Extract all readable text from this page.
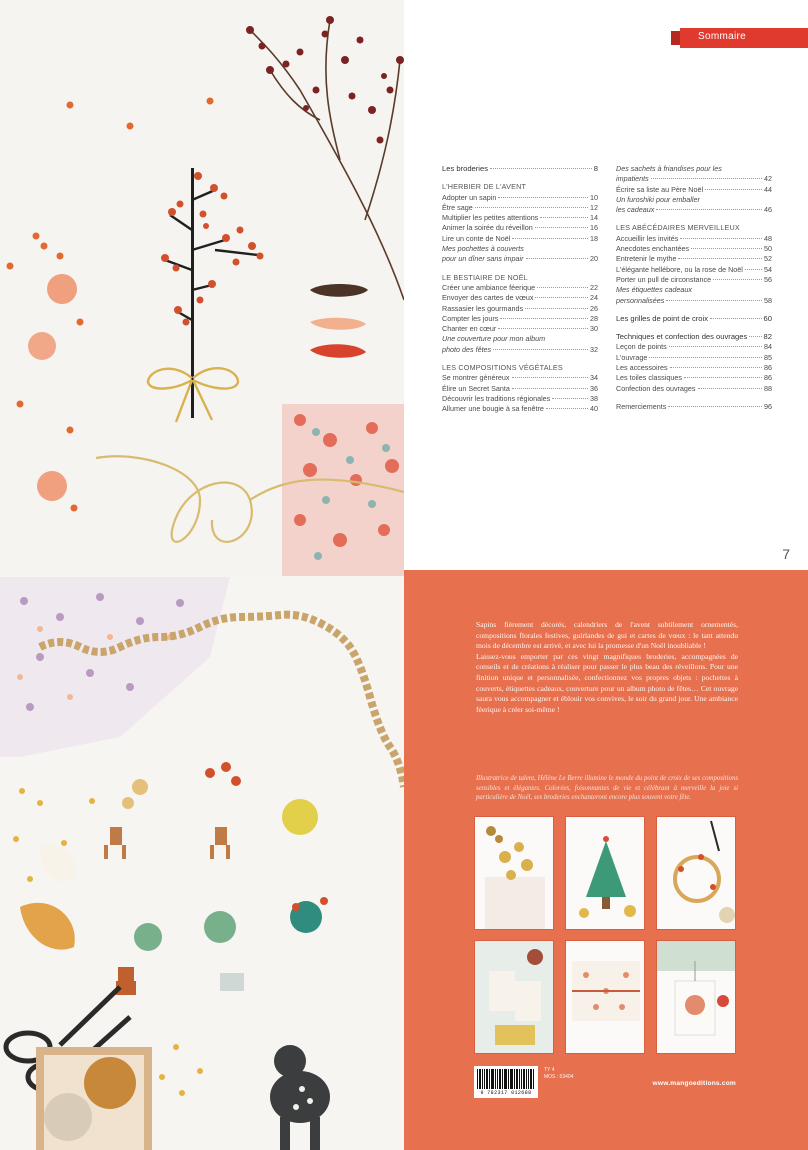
Sommaire
Les broderies	8
L'HERBIER DE L'AVENT
Adopter un sapin	10
Être sage	12
Multiplier les petites attentions	14
Animer la soirée du réveillon	16
Lire un conte de Noël	18
Mes pochettes à couverts
pour un dîner sans impair	20
LE BESTIAIRE DE NOËL
Créer une ambiance féerique	22
Envoyer des cartes de vœux	24
Rassasier les gourmands	26
Compter les jours	28
Chanter en cœur	30
Une couverture pour mon album
photo des fêtes	32
LES COMPOSITIONS VÉGÉTALES
Se montrer généreux	34
Élire un Secret Santa	36
Découvrir les traditions régionales	38
Allumer une bougie à sa fenêtre	40
Des sachets à friandises pour les
impatients	42
Écrire sa liste au Père Noël	44
Un furoshiki pour emballer
les cadeaux	46
LES ABÉCÉDAIRES MERVEILLEUX
Accueillir les invités	48
Anecdotes enchantées	50
Entretenir le mythe	52
L'élégante hellébore, ou la rose de Noël	54
Porter un pull de circonstance	56
Mes étiquettes cadeaux
personnalisées	58
Les grilles de point de croix	60
Techniques et confection des ouvrages 82
Leçon de points	84
L'ouvrage	85
Les accessoires	86
Les toiles classiques	86
Confection des ouvrages	88
Remerciements	96
7

Sapins fièrement décorés, calendriers de l'avent subtilement ornementés, compositions florales festives, guirlandes de gui et cartes de vœux : le tant attendu mois de décembre est arrivé, et avec lui la promesse d'un Noël inoubliable !

Laissez-vous emporter par ces vingt magnifiques broderies, accompagnées de conseils et de créations à réaliser pour passer le plus beau des réveillons. Pour une finition unique et personnalisée, confectionnez vos propres objets : pochettes à couverts, étiquettes cadeaux, couverture pour un album photo de fêtes… Cet ouvrage saura vous accompagner et éblouir vos convives, le soir du grand jour. Une ambiance féerique à créer soi-même !

Illustratrice de talent, Hélène Le Berre illumine le monde du point de croix de ses compositions sensibles et élégantes. Colorées, foisonnantes de vie et célébrant à merveille la joie si particulière de Noël, ses broderies enchanteront encore plus souvent votre fête.
9 782317 012688
TY 4
MOS : 53404
www.mangoeditions.com
